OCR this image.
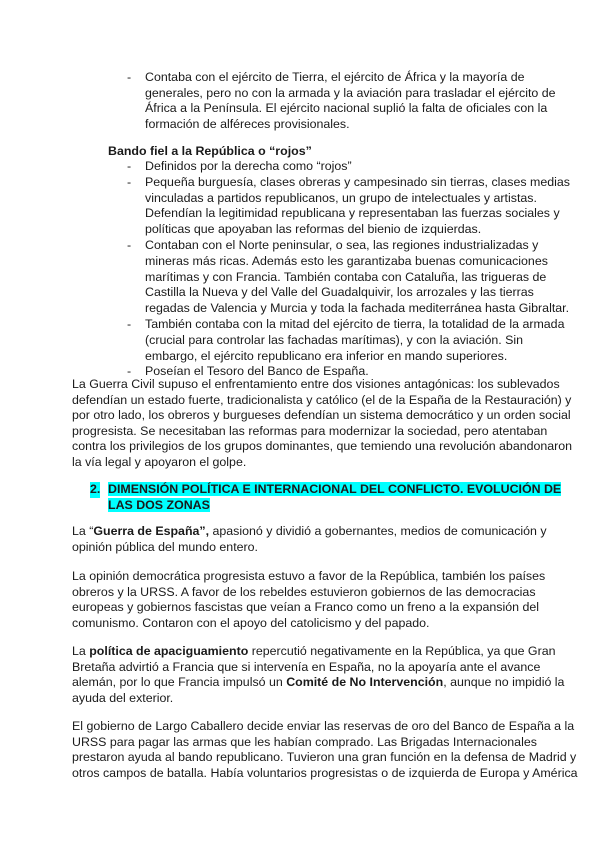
- Contaba con el ejército de Tierra, el ejército de África y la mayoría de
generales, pero no con la armada y la aviación para trasladar el ejército de
África a la Península. El ejército nacional suplió la falta de oficiales con la
formación de alféreces provisionales.
Bando fiel a la República o “rojos”
- Definidos por la derecha como “rojos”
- Pequeña burguesía, clases obreras y campesinado sin tierras, clases medias
vinculadas a partidos republicanos, un grupo de intelectuales y artistas.
Defendían la legitimidad republicana y representaban las fuerzas sociales y
políticas que apoyaban las reformas del bienio de izquierdas.
- Contaban con el Norte peninsular, o sea, las regiones industrializadas y
mineras más ricas. Además esto les garantizaba buenas comunicaciones
marítimas y con Francia. También contaba con Cataluña, las trigueras de
Castilla la Nueva y del Valle del Guadalquivir, los arrozales y las tierras
regadas de Valencia y Murcia y toda la fachada mediterránea hasta Gibraltar.
- También contaba con la mitad del ejército de tierra, la totalidad de la armada
(crucial para controlar las fachadas marítimas), y con la aviación. Sin
embargo, el ejército republicano era inferior en mando superiores.
- Poseían el Tesoro del Banco de España.
La Guerra Civil supuso el enfrentamiento entre dos visiones antagónicas: los sublevados
defendían un estado fuerte, tradicionalista y católico (el de la España de la Restauración) y
por otro lado, los obreros y burgueses defendían un sistema democrático y un orden social
progresista. Se necesitaban las reformas para modernizar la sociedad, pero atentaban
contra los privilegios de los grupos dominantes, que temiendo una revolución abandonaron
la vía legal y apoyaron el golpe.
2. DIMENSIÓN POLÍTICA E INTERNACIONAL DEL CONFLICTO. EVOLUCIÓN DE
LAS DOS ZONAS
La “Guerra de España”, apasionó y dividió a gobernantes, medios de comunicación y
opinión pública del mundo entero.
La opinión democrática progresista estuvo a favor de la República, también los países
obreros y la URSS. A favor de los rebeldes estuvieron gobiernos de las democracias
europeas y gobiernos fascistas que veían a Franco como un freno a la expansión del
comunismo. Contaron con el apoyo del catolicismo y del papado.
La política de apaciguamiento repercutió negativamente en la República, ya que Gran
Bretaña advirtió a Francia que si intervenía en España, no la apoyaría ante el avance
alemán, por lo que Francia impulsó un Comité de No Intervención, aunque no impidió la
ayuda del exterior.
El gobierno de Largo Caballero decide enviar las reservas de oro del Banco de España a la
URSS para pagar las armas que les habían comprado. Las Brigadas Internacionales
prestaron ayuda al bando republicano. Tuvieron una gran función en la defensa de Madrid y
otros campos de batalla. Había voluntarios progresistas o de izquierda de Europa y América
